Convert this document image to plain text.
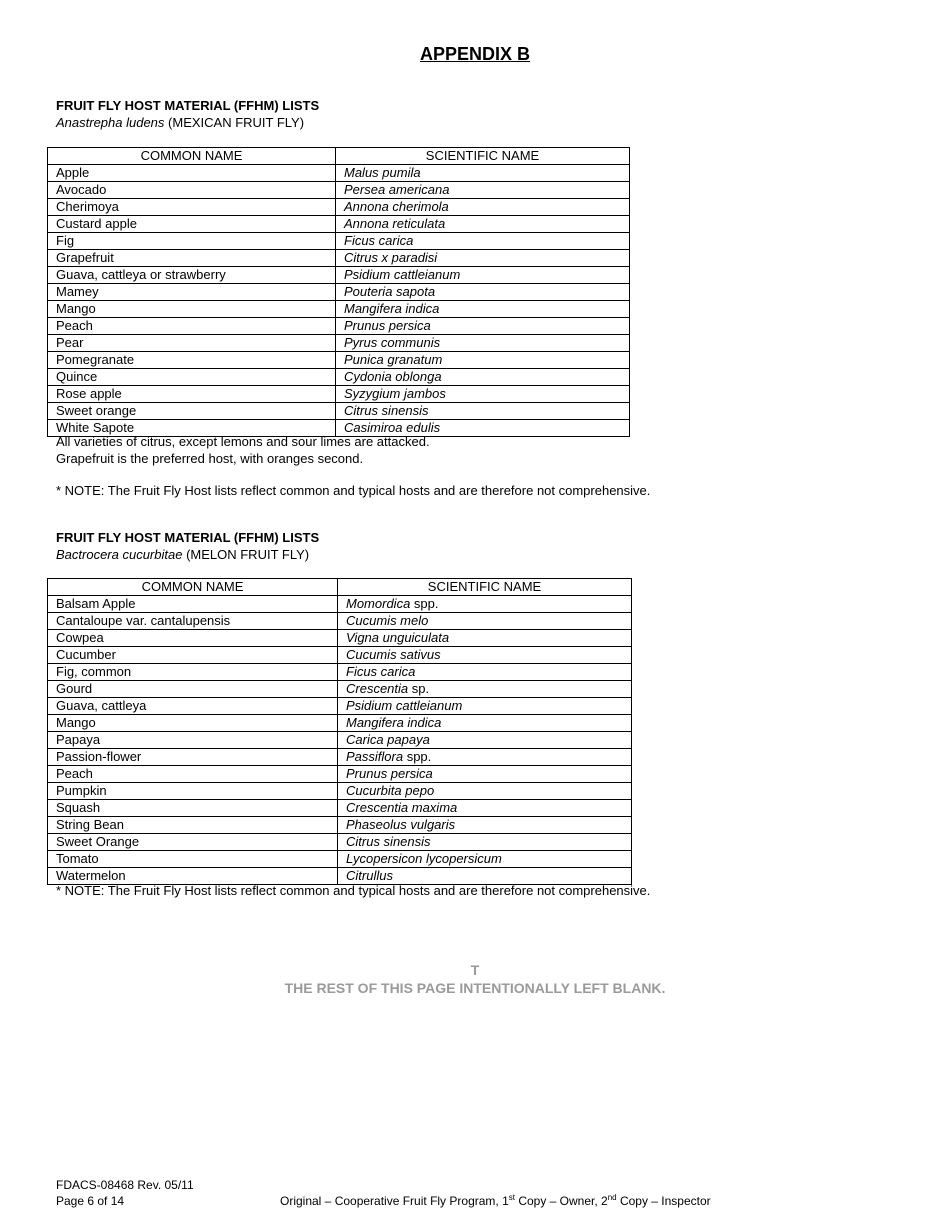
APPENDIX B
FRUIT FLY HOST MATERIAL (FFHM) LISTS
Anastrepha ludens (MEXICAN FRUIT FLY)
COMMON NAME	SCIENTIFIC NAME
Apple	Malus pumila
Avocado	Persea americana
Cherimoya	Annona cherimola
Custard apple	Annona reticulata
Fig	Ficus carica
Grapefruit	Citrus x paradisi
Guava, cattleya or strawberry	Psidium cattleianum
Mamey	Pouteria sapota
Mango	Mangifera indica
Peach	Prunus persica
Pear	Pyrus communis
Pomegranate	Punica granatum
Quince	Cydonia oblonga
Rose apple	Syzygium jambos
Sweet orange	Citrus sinensis
White Sapote	Casimiroa edulis
All varieties of citrus, except lemons and sour limes are attacked.
Grapefruit is the preferred host, with oranges second.
* NOTE: The Fruit Fly Host lists reflect common and typical hosts and are therefore not comprehensive.
FRUIT FLY HOST MATERIAL (FFHM) LISTS
Bactrocera cucurbitae (MELON FRUIT FLY)
COMMON NAME	SCIENTIFIC NAME
Balsam Apple	Momordica spp.
Cantaloupe var. cantalupensis	Cucumis melo
Cowpea	Vigna unguiculata
Cucumber	Cucumis sativus
Fig, common	Ficus carica
Gourd	Crescentia sp.
Guava, cattleya	Psidium cattleianum
Mango	Mangifera indica
Papaya	Carica papaya
Passion-flower	Passiflora spp.
Peach	Prunus persica
Pumpkin	Cucurbita pepo
Squash	Crescentia maxima
String Bean	Phaseolus vulgaris
Sweet Orange	Citrus sinensis
Tomato	Lycopersicon lycopersicum
Watermelon	Citrullus
* NOTE: The Fruit Fly Host lists reflect common and typical hosts and are therefore not comprehensive.
T
THE REST OF THIS PAGE INTENTIONALLY LEFT BLANK.
FDACS-08468 Rev. 05/11
Page 6 of 14	Original – Cooperative Fruit Fly Program, 1st Copy – Owner, 2nd Copy – Inspector
